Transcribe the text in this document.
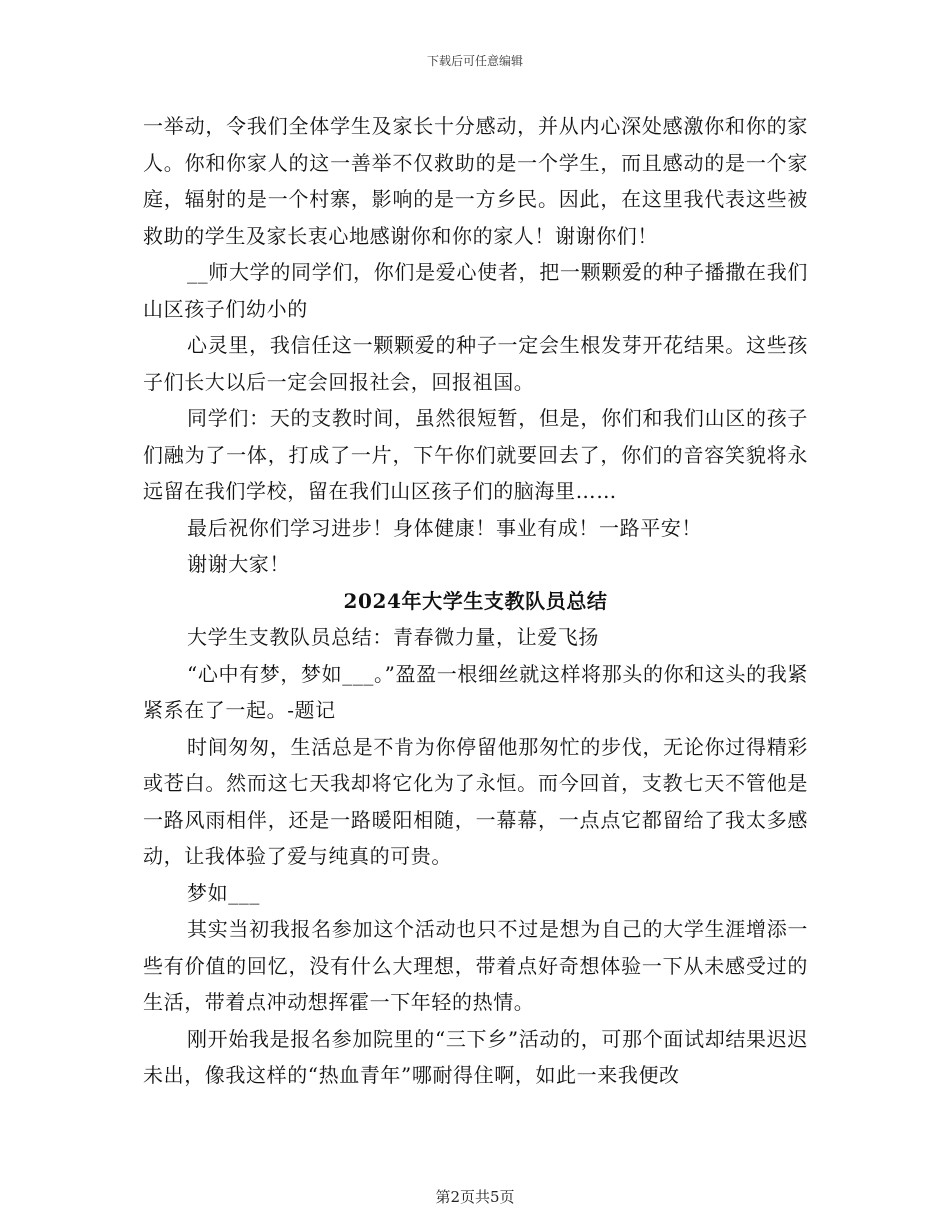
下载后可任意编辑

一举动，令我们全体学生及家长十分感动，并从内心深处感激你和你的家人。你和你家人的这一善举不仅救助的是一个学生，而且感动的是一个家庭，辐射的是一个村寨，影响的是一方乡民。因此，在这里我代表这些被救助的学生及家长衷心地感谢你和你的家人！谢谢你们！

__师大学的同学们，你们是爱心使者，把一颗颗爱的种子播撒在我们山区孩子们幼小的

心灵里，我信任这一颗颗爱的种子一定会生根发芽开花结果。这些孩子们长大以后一定会回报社会，回报祖国。

同学们：天的支教时间，虽然很短暂，但是，你们和我们山区的孩子们融为了一体，打成了一片，下午你们就要回去了，你们的音容笑貌将永远留在我们学校，留在我们山区孩子们的脑海里……

最后祝你们学习进步！身体健康！事业有成！一路平安！

谢谢大家！

2024年大学生支教队员总结

大学生支教队员总结：青春微力量，让爱飞扬

“心中有梦，梦如___。”盈盈一根细丝就这样将那头的你和这头的我紧紧系在了一起。-题记

时间匆匆，生活总是不肯为你停留他那匆忙的步伐，无论你过得精彩或苍白。然而这七天我却将它化为了永恒。而今回首，支教七天不管他是一路风雨相伴，还是一路暖阳相随，一幕幕，一点点它都留给了我太多感动，让我体验了爱与纯真的可贵。

梦如___

其实当初我报名参加这个活动也只不过是想为自己的大学生涯增添一些有价值的回忆，没有什么大理想，带着点好奇想体验一下从未感受过的生活，带着点冲动想挥霍一下年轻的热情。

刚开始我是报名参加院里的“三下乡”活动的，可那个面试却结果迟迟未出，像我这样的“热血青年”哪耐得住啊，如此一来我便改

第2页共5页
